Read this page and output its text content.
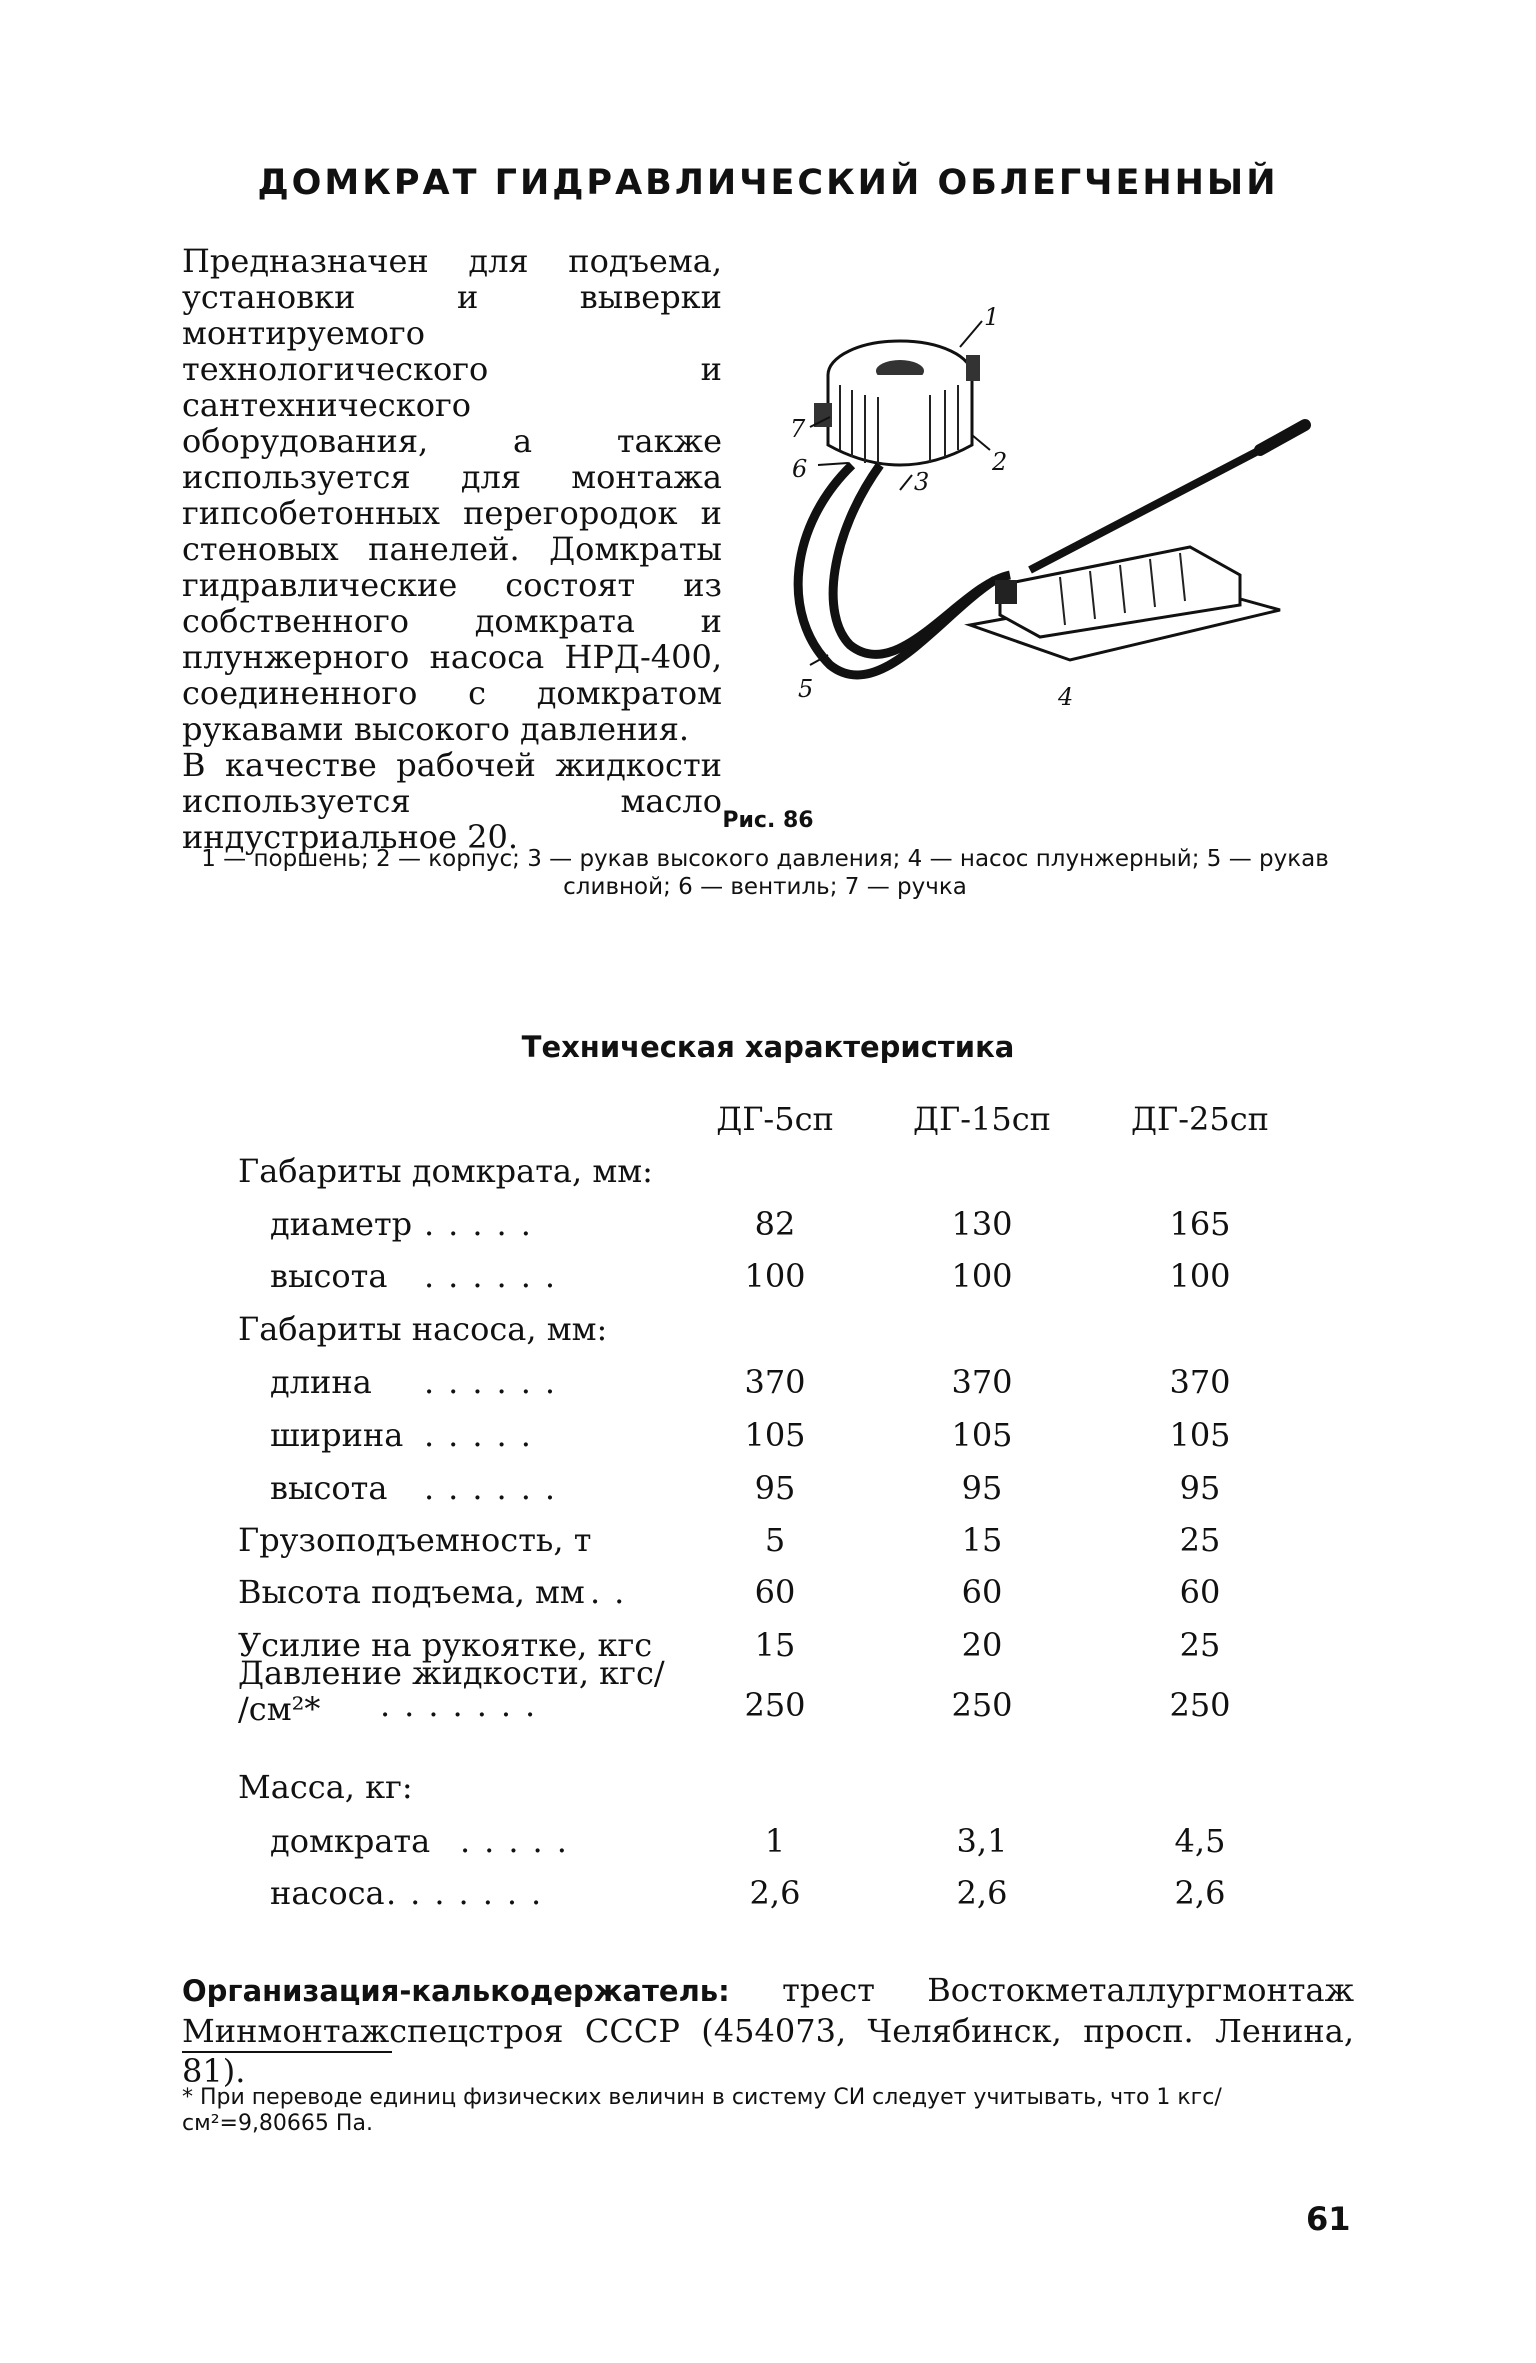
ДОМКРАТ ГИДРАВЛИЧЕСКИЙ ОБЛЕГЧЕННЫЙ

Предназначен для подъема, установки и выверки монтируемого технологического и сантехнического оборудования, а также используется для монтажа гипсобетонных перегородок и стеновых панелей. Домкраты гидравлические состоят из собственного домкрата и плунжерного насоса НРД-400, соединенного с домкратом рукавами высокого давления.

В качестве рабочей жидкости используется масло индустриальное 20.

1
2
3
4
5
6
7
Рис. 86
1 — поршень; 2 — корпус; 3 — рукав высокого давления; 4 — насос плунжерный; 5 — рукав сливной; 6 — вентиль; 7 — ручка
Техническая характеристика
ДГ-5сп	ДГ-15сп	ДГ-25сп
Габариты домкрата, мм:
диаметр .....	82	130	165
высота ......	100	100	100
Габариты насоса, мм:
длина ......	370	370	370
ширина .....	105	105	105
высота ......	95	95	95
Грузоподъемность, т	5	15	25
Высота подъема, мм ..	60	60	60
Усилие на рукоятке, кгс	15	20	25
Давление жидкости, кгс/
/см²* .......	250	250	250
Масса, кг:
домкрата .....	1	3,1	4,5
насоса .......	2,6	2,6	2,6
Организация-калькодержатель: трест Востокметаллургмонтаж Минмонтажспецстроя СССР (454073, Челябинск, просп. Ленина, 81).
* При переводе единиц физических величин в систему СИ следует учитывать, что 1 кгс/см²=9,80665 Па.
61
